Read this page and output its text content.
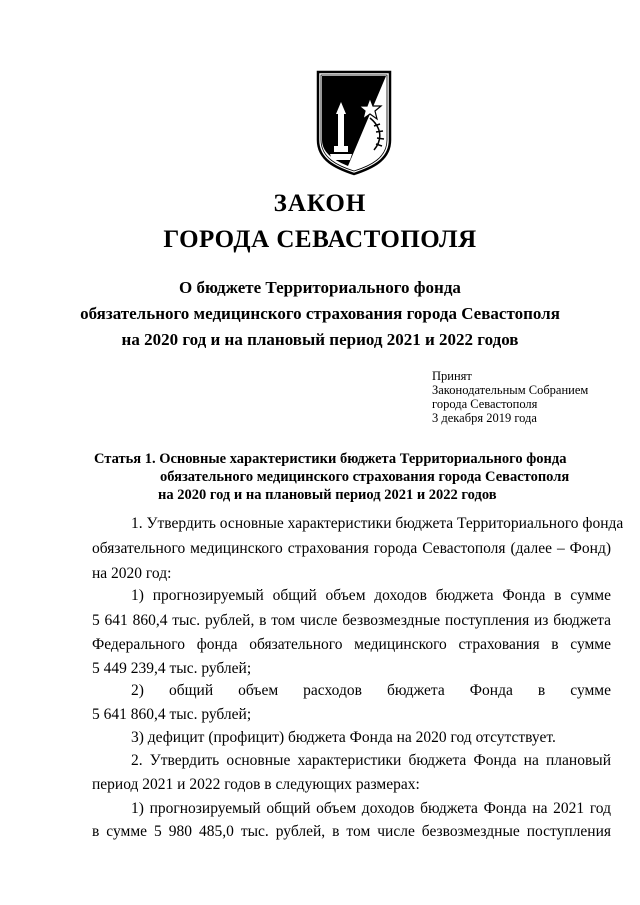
ЗАКОН
ГОРОДА СЕВАСТОПОЛЯ
О бюджете Территориального фонда
обязательного медицинского страхования города Севастополя
на 2020 год и на плановый период 2021 и 2022 годов
Принят
Законодательным Собранием
города Севастополя
3 декабря 2019 года
Статья 1. Основные характеристики бюджета Территориального фонда
обязательного медицинского страхования города Севастополя
на 2020 год и на плановый период 2021 и 2022 годов
1. Утвердить основные характеристики бюджета Территориального фонда
обязательного медицинского страхования города Севастополя (далее – Фонд)
на 2020 год:
1) прогнозируемый общий объем доходов бюджета Фонда в сумме
5 641 860,4 тыс. рублей, в том числе безвозмездные поступления из бюджета
Федерального фонда обязательного медицинского страхования в сумме
5 449 239,4 тыс. рублей;
2) общий объем расходов бюджета Фонда в сумме
5 641 860,4 тыс. рублей;
3) дефицит (профицит) бюджета Фонда на 2020 год отсутствует.
2. Утвердить основные характеристики бюджета Фонда на плановый
период 2021 и 2022 годов в следующих размерах:
1) прогнозируемый общий объем доходов бюджета Фонда на 2021 год
в сумме 5 980 485,0 тыс. рублей, в том числе безвозмездные поступления
